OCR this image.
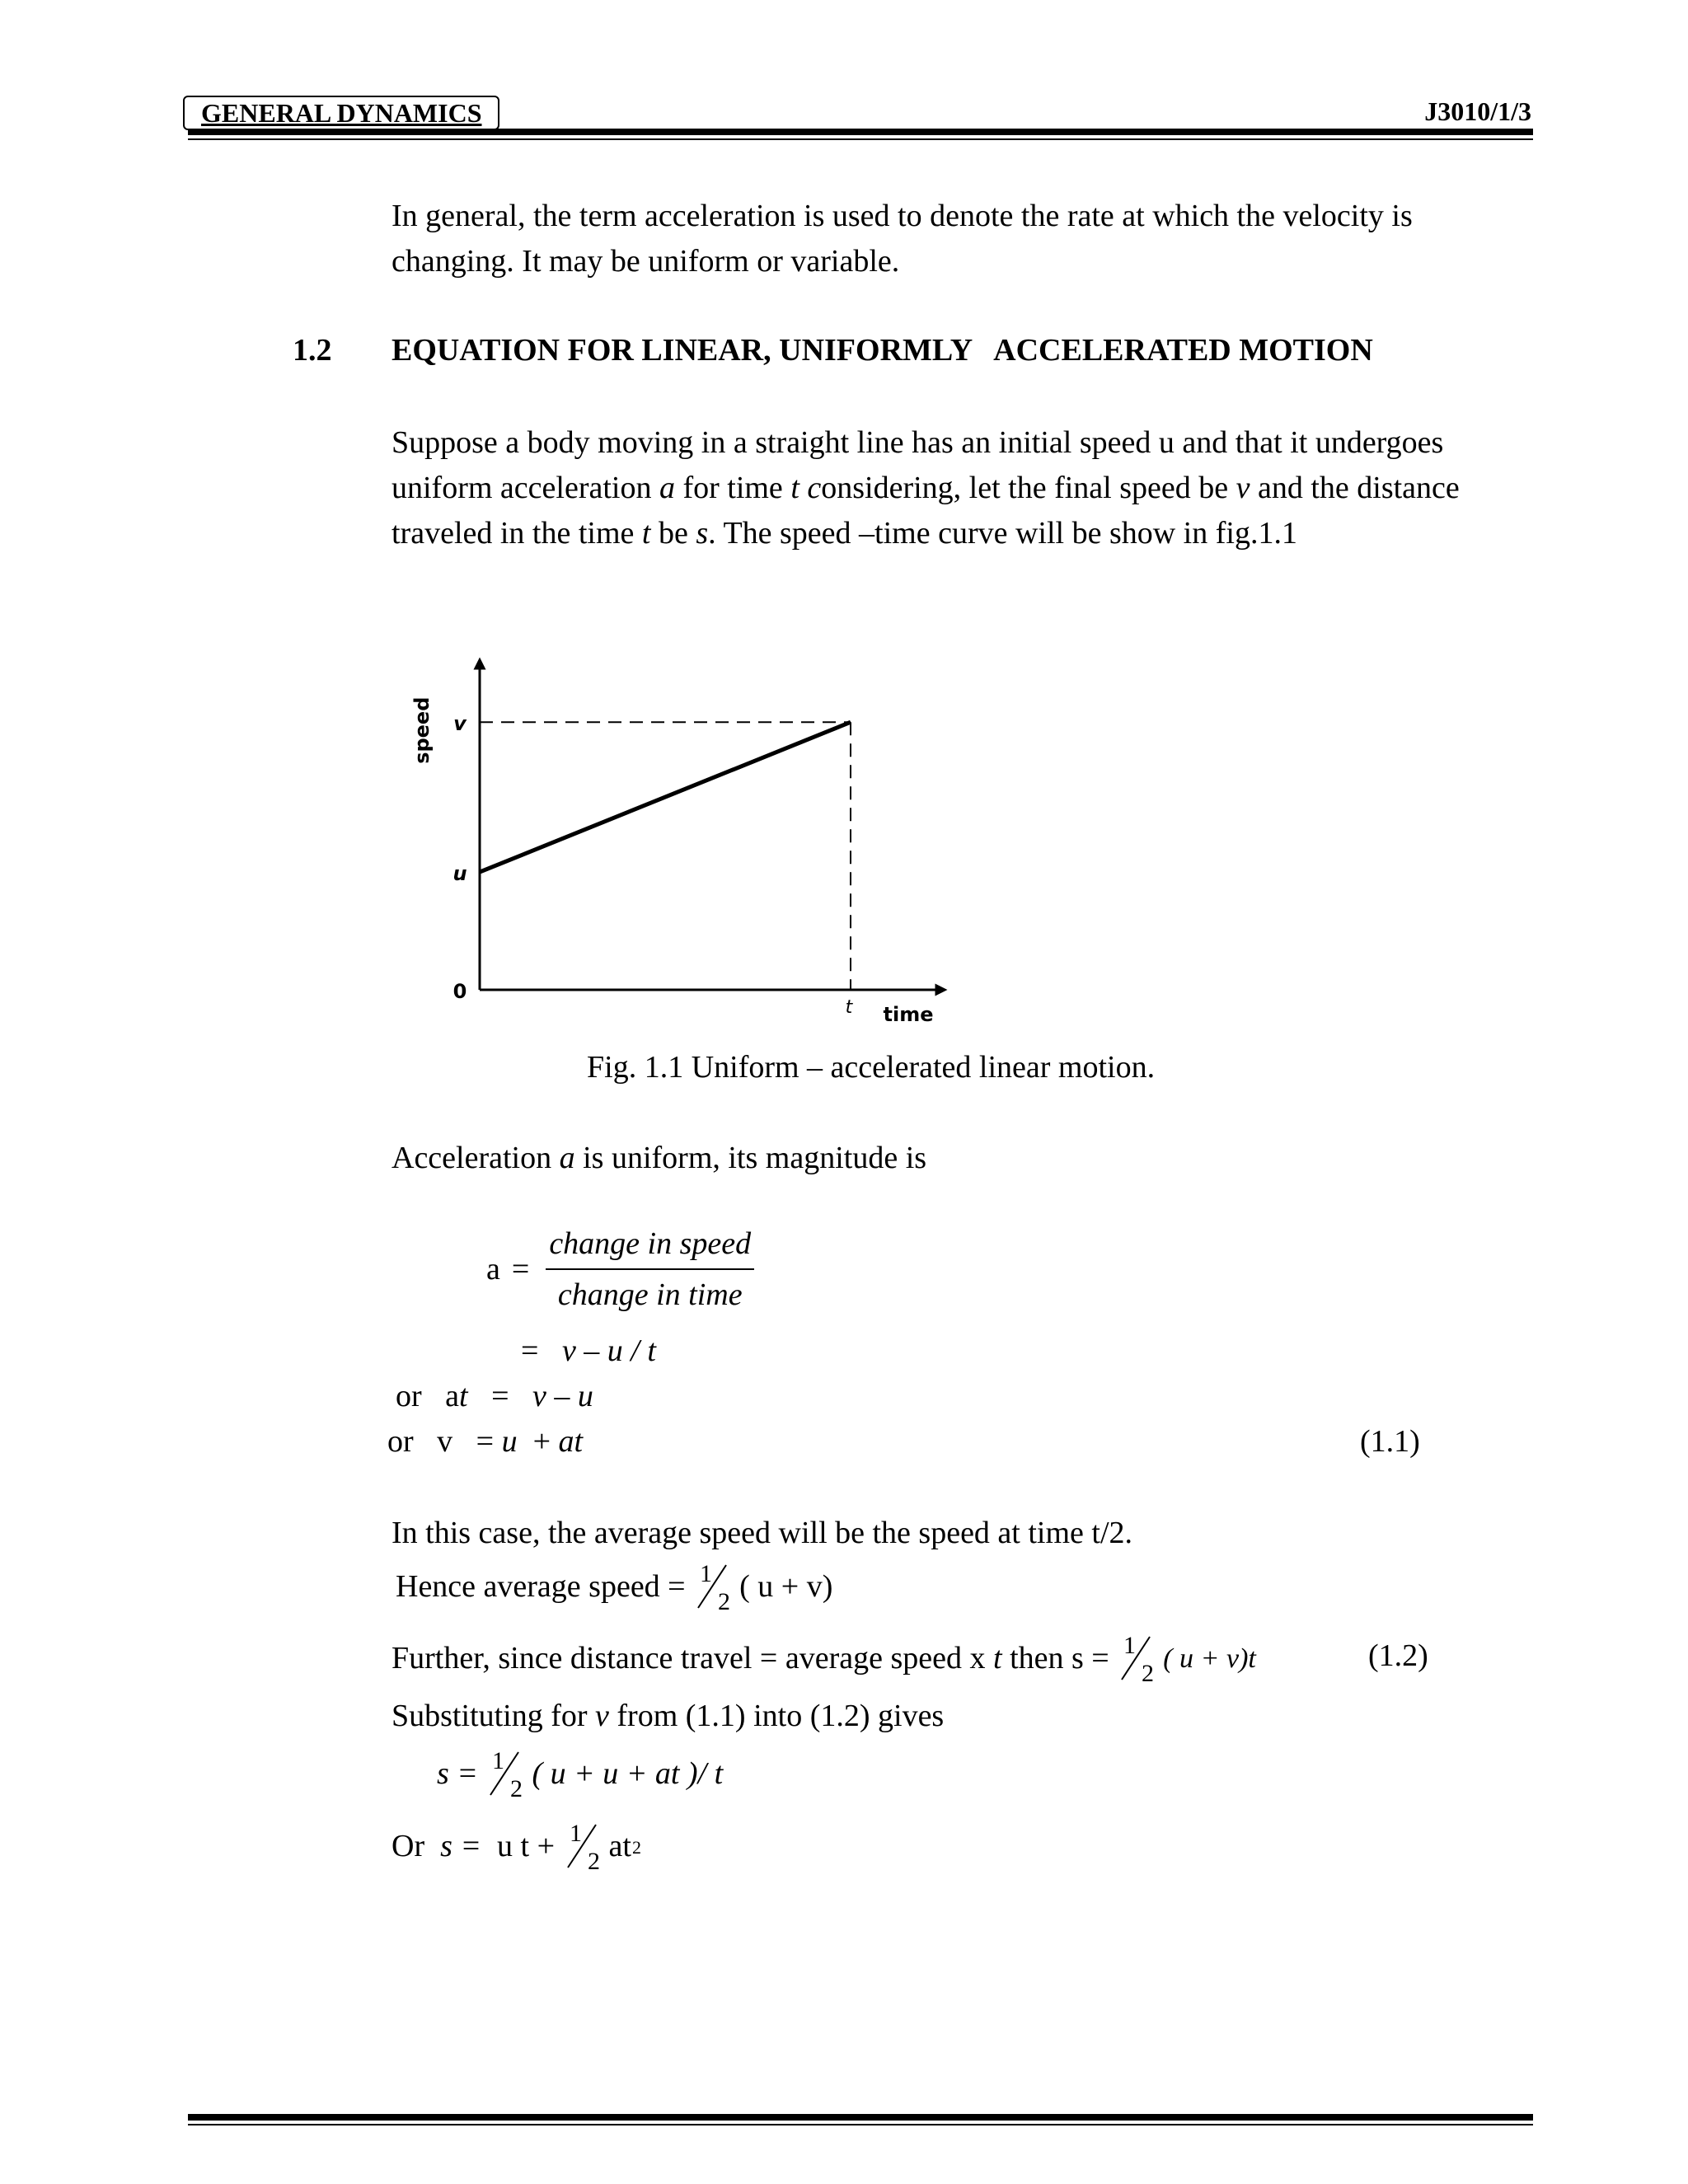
GENERAL DYNAMICS	J3010/1/3
In general, the term acceleration is used to denote the rate at which the velocity is changing. It may be uniform or variable.
1.2 EQUATION FOR LINEAR, UNIFORMLY   ACCELERATED MOTION
Suppose a body moving in a straight line has an initial speed u and that it undergoes uniform acceleration a for time t considering, let the final speed be v and the distance traveled in the time t be s. The speed –time curve will be show in fig.1.1
0
u
v
t time
speed
Fig. 1.1 Uniform – accelerated linear motion.
Acceleration a is uniform, its magnitude is
$a = \frac{\text{change in speed}}{\text{change in time}}$
= v – u / t
or at = v – u
or v = u + at	(1.1)
In this case, the average speed will be the speed at time t/2.
Hence average speed = 1
2 ( u + v)
Further, since distance travel = average speed x t then s = 1
2 ( u + v)t	(1.2)
Substituting for v from (1.1) into (1.2) gives
s =
1
2 ( u + u + at )/ t
Or
s =
u t +
1
2 at 2
